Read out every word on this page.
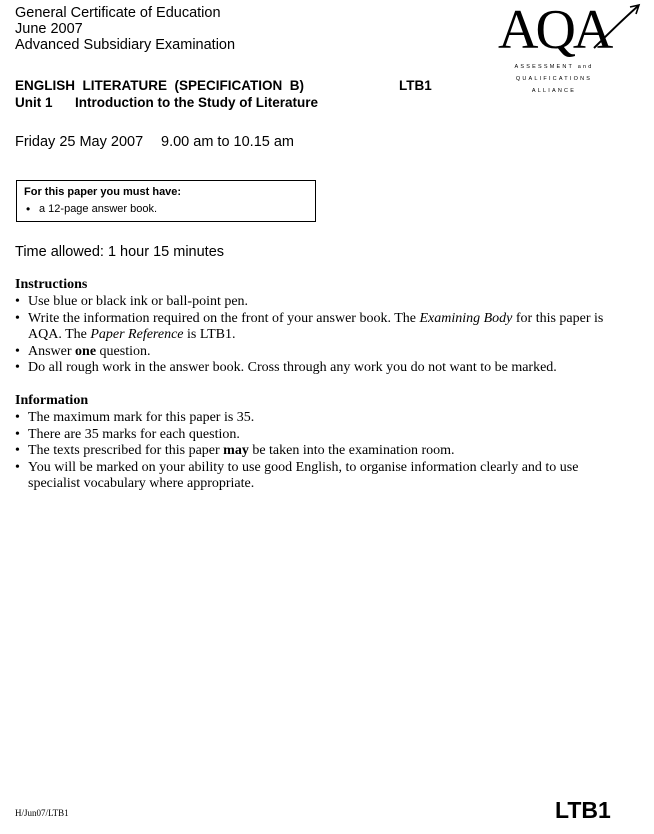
General Certificate of Education
June 2007
Advanced Subsidiary Examination	AQA
ASSESSMENT and
QUALIFICATIONS
ALLIANCE
ENGLISH  LITERATURE  (SPECIFICATION  B)	LTB1
Unit 1 Introduction to the Study of Literature
Friday 25 May 2007 9.00 am to 10.15 am
For this paper you must have:
• a 12-page answer book.
Time allowed: 1 hour 15 minutes
Instructions
• Use blue or black ink or ball-point pen.
• Write the information required on the front of your answer book. The Examining Body for this paper is AQA. The Paper Reference is LTB1.
• Answer one question.
• Do all rough work in the answer book. Cross through any work you do not want to be marked.
Information
• The maximum mark for this paper is 35.
• There are 35 marks for each question.
• The texts prescribed for this paper may be taken into the examination room.
• You will be marked on your ability to use good English, to organise information clearly and to use specialist vocabulary where appropriate.
H/Jun07/LTB1	LTB1
